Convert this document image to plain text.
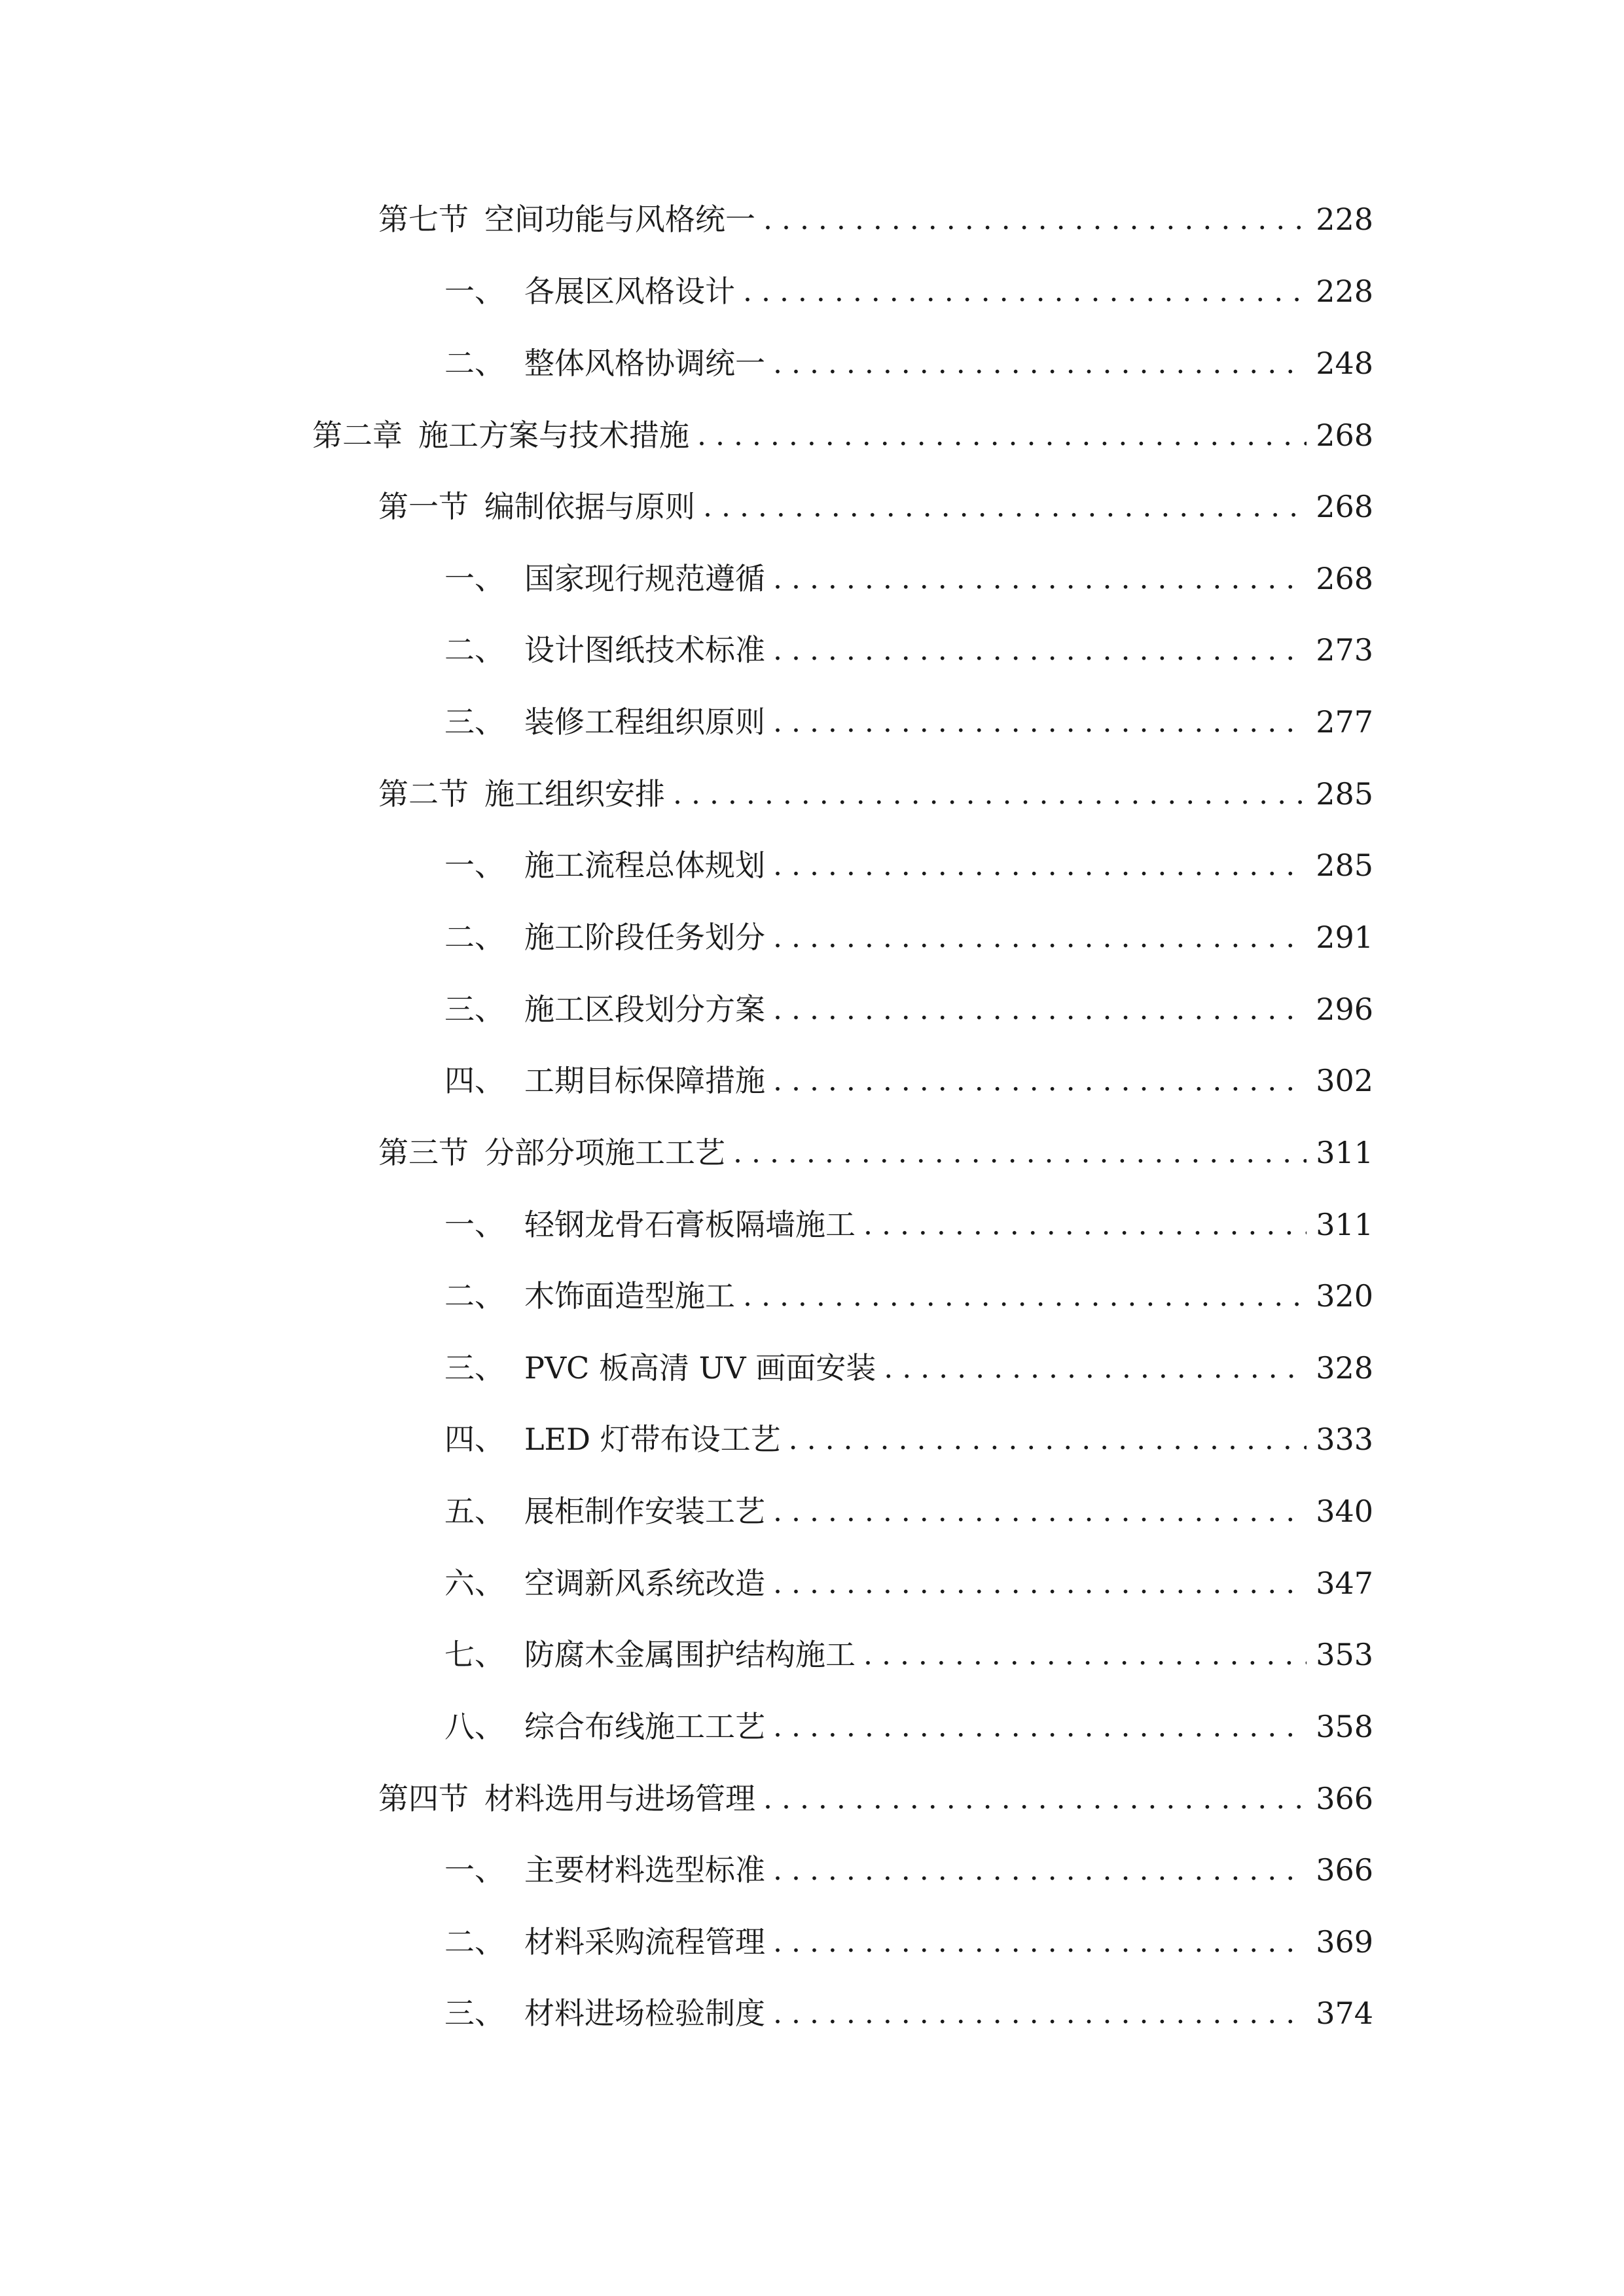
第七节 空间功能与风格统一 . . .	228
一、 各展区风格设计 . . .	228
二、 整体风格协调统一 . . .	248
第二章 施工方案与技术措施 . . .	268
第一节 编制依据与原则 . . .	268
一、 国家现行规范遵循 . . .	268
二、 设计图纸技术标准 . . .	273
三、 装修工程组织原则 . . .	277
第二节 施工组织安排 . . .	285
一、 施工流程总体规划 . . .	285
二、 施工阶段任务划分 . . .	291
三、 施工区段划分方案 . . .	296
四、 工期目标保障措施 . . .	302
第三节 分部分项施工工艺 . . .	311
一、 轻钢龙骨石膏板隔墙施工 . . .	311
二、 木饰面造型施工 . . .	320
三、 PVC 板高清 UV 画面安装 . . .	328
四、 LED 灯带布设工艺 . . .	333
五、 展柜制作安装工艺 . . .	340
六、 空调新风系统改造 . . .	347
七、 防腐木金属围护结构施工 . . .	353
八、 综合布线施工工艺 . . .	358
第四节 材料选用与进场管理 . . .	366
一、 主要材料选型标准 . . .	366
二、 材料采购流程管理 . . .	369
三、 材料进场检验制度 . . .	374
